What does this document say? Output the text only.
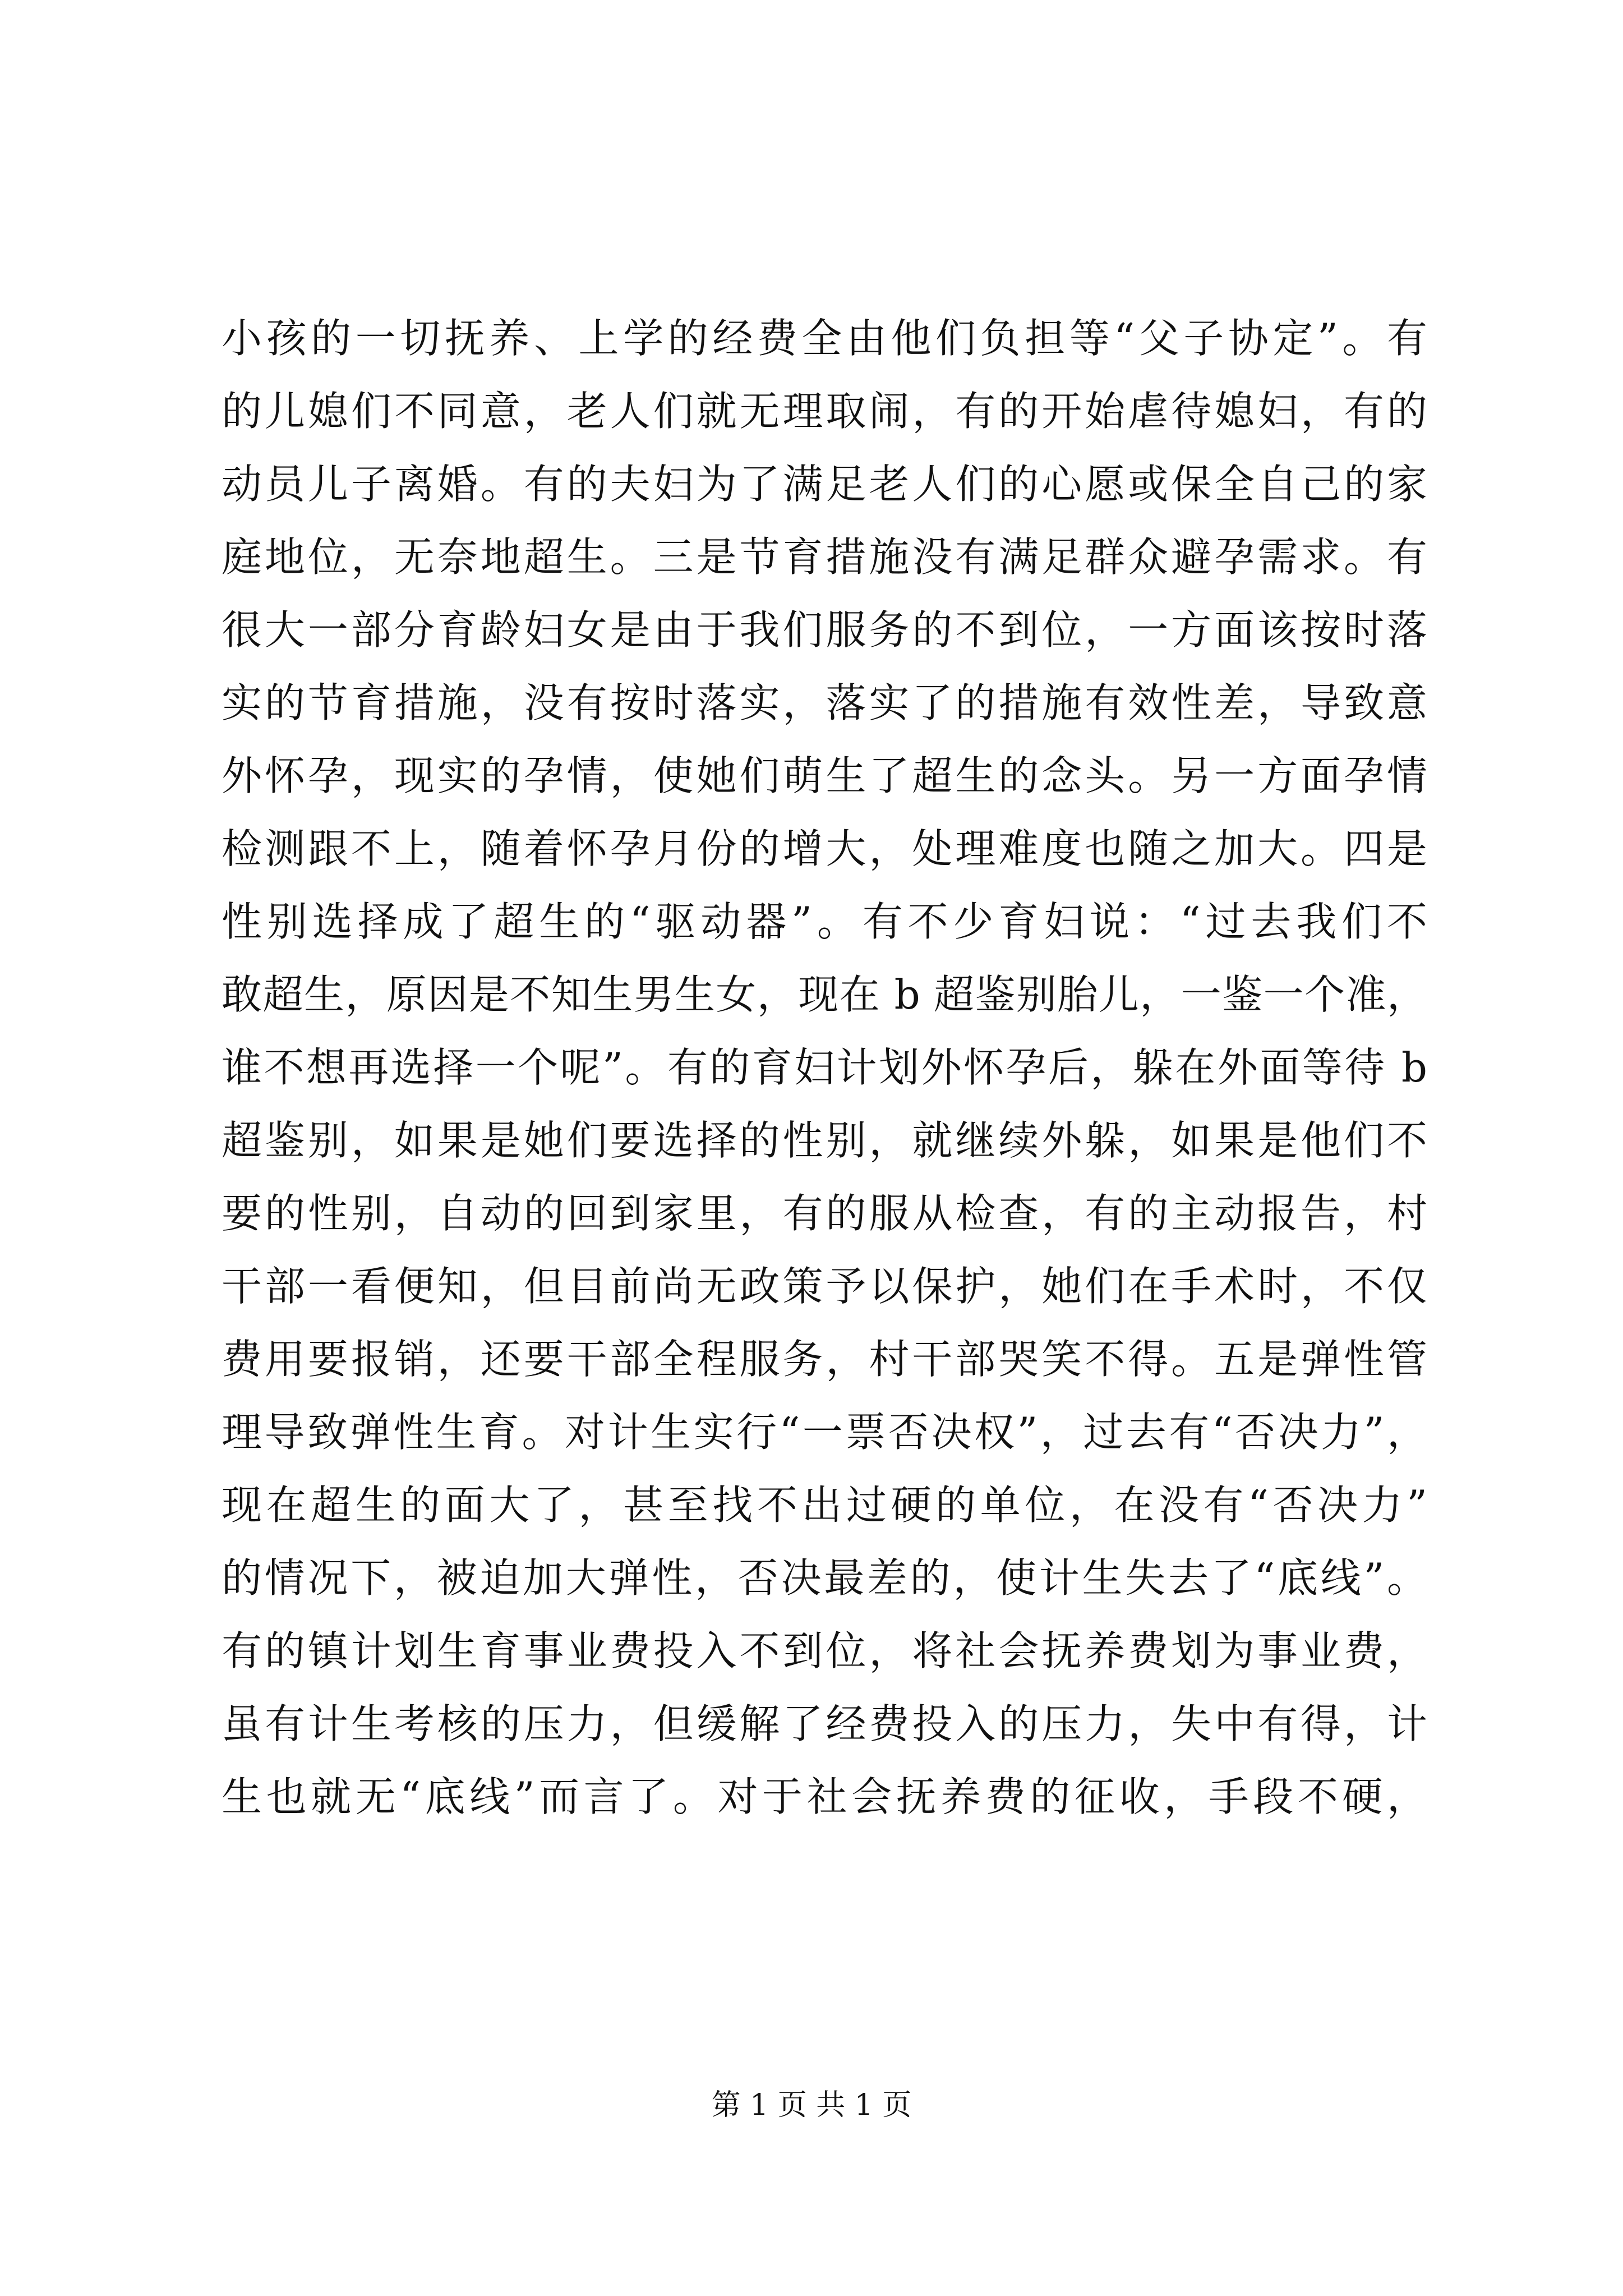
小孩的一切抚养、上学的经费全由他们负担等“父子协定”。有
的儿媳们不同意，老人们就无理取闹，有的开始虐待媳妇，有的
动员儿子离婚。有的夫妇为了满足老人们的心愿或保全自己的家
庭地位，无奈地超生。三是节育措施没有满足群众避孕需求。有
很大一部分育龄妇女是由于我们服务的不到位，一方面该按时落
实的节育措施，没有按时落实，落实了的措施有效性差，导致意
外怀孕，现实的孕情，使她们萌生了超生的念头。另一方面孕情
检测跟不上，随着怀孕月份的增大，处理难度也随之加大。四是
性别选择成了超生的“驱动器”。有不少育妇说：“过去我们不
敢超生，原因是不知生男生女，现在 b 超鉴别胎儿，一鉴一个准，
谁不想再选择一个呢”。有的育妇计划外怀孕后，躲在外面等待 b
超鉴别，如果是她们要选择的性别，就继续外躲，如果是他们不
要的性别，自动的回到家里，有的服从检查，有的主动报告，村
干部一看便知，但目前尚无政策予以保护，她们在手术时，不仅
费用要报销，还要干部全程服务，村干部哭笑不得。五是弹性管
理导致弹性生育。对计生实行“一票否决权”，过去有“否决力”，
现在超生的面大了，甚至找不出过硬的单位，在没有“否决力”
的情况下，被迫加大弹性，否决最差的，使计生失去了“底线”。
有的镇计划生育事业费投入不到位，将社会抚养费划为事业费，
虽有计生考核的压力，但缓解了经费投入的压力，失中有得，计
生也就无“底线”而言了。对于社会抚养费的征收，手段不硬，
第 1 页 共 1 页
